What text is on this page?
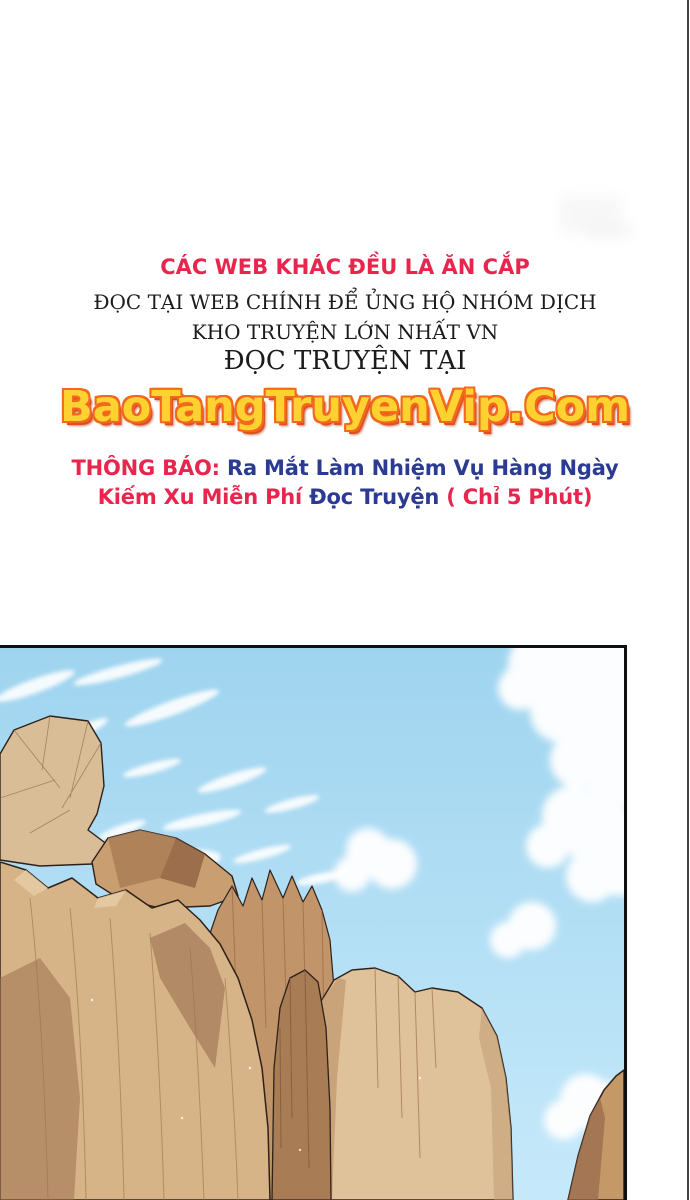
CÁC WEB KHÁC ĐỀU LÀ ĂN CẮP
ĐỌC TẠI WEB CHÍNH ĐỂ ỦNG HỘ NHÓM DỊCH
KHO TRUYỆN LỚN NHẤT VN
ĐỌC TRUYỆN TẠI
BaoTangTruyenVip.Com
THÔNG BÁO: Ra Mắt Làm Nhiệm Vụ Hàng Ngày
Kiếm Xu Miễn Phí Đọc Truyện ( Chỉ 5 Phút)
